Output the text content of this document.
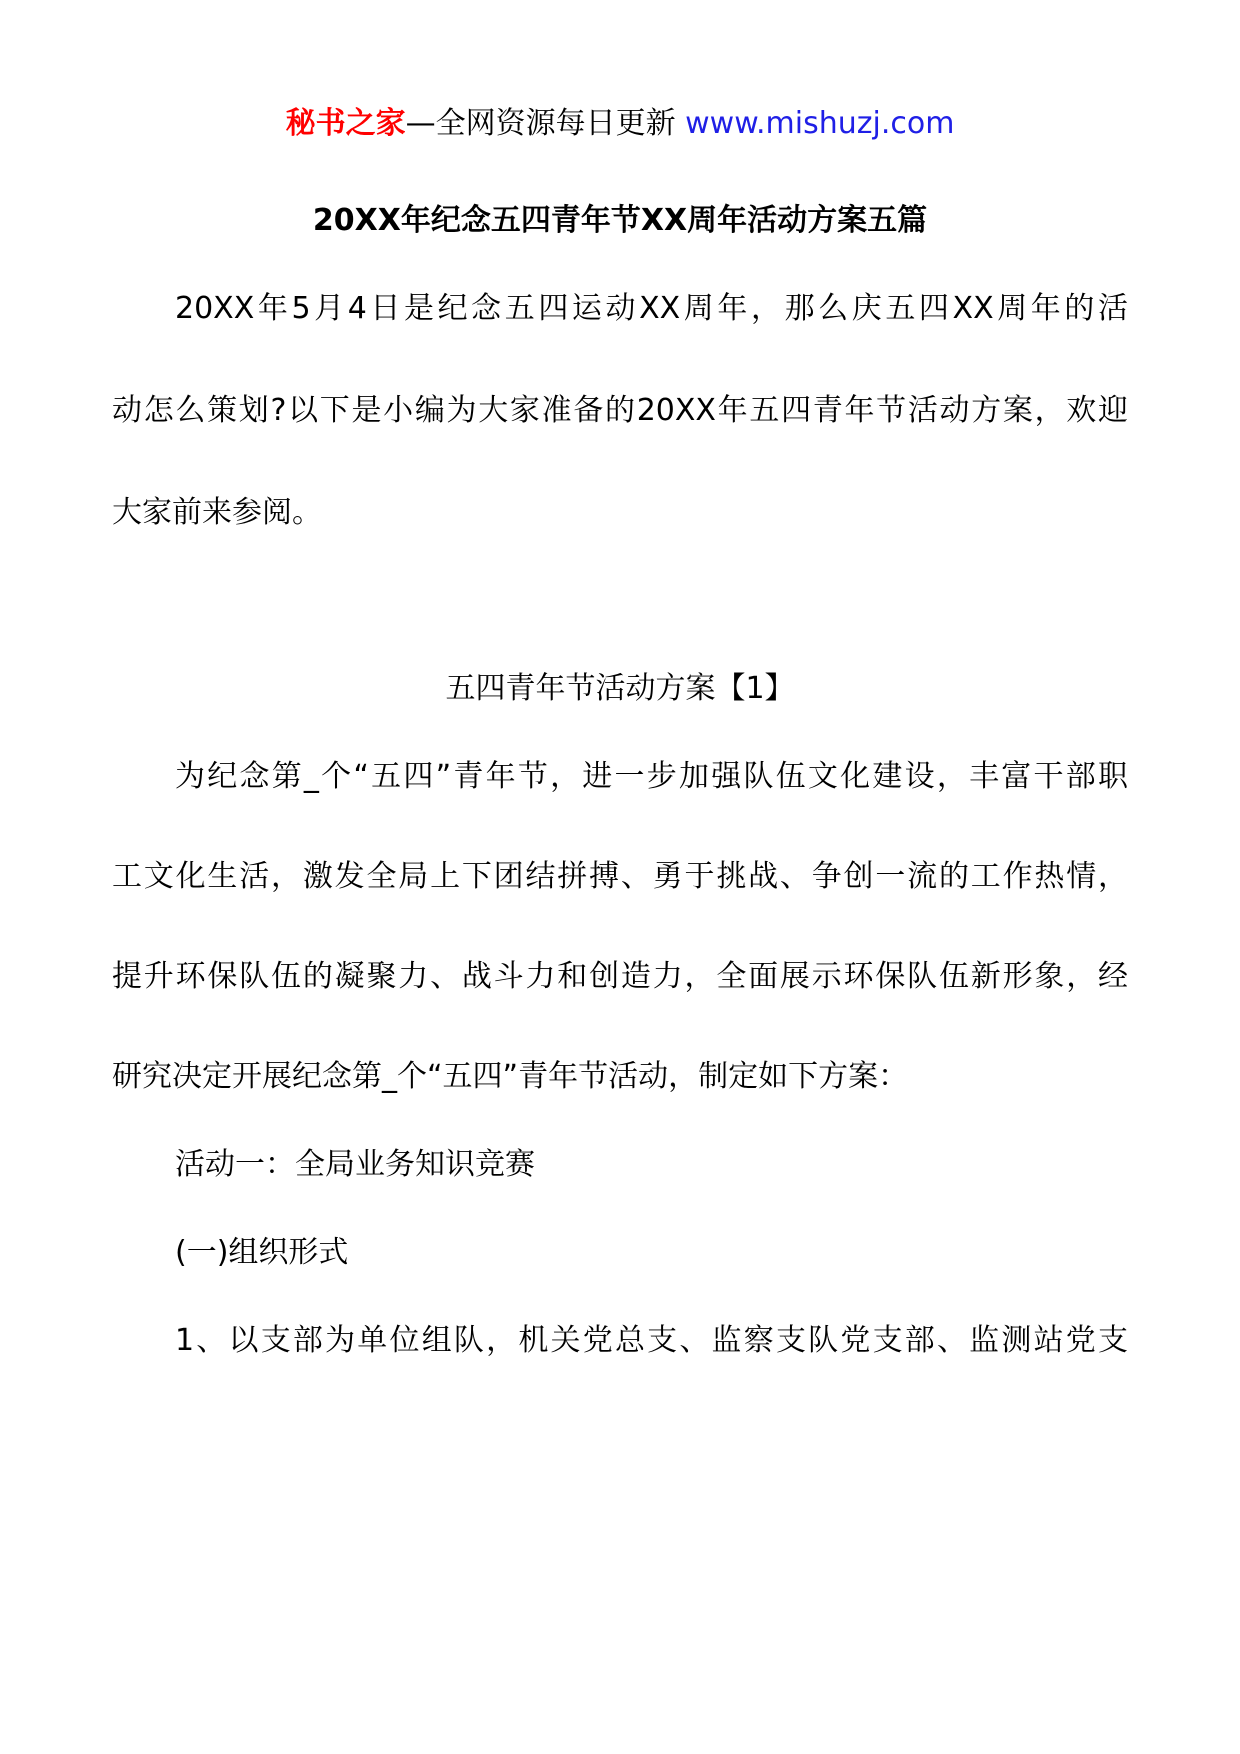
秘书之家—全网资源每日更新 www.mishuzj.com
20XX年纪念五四青年节XX周年活动方案五篇
20XX年5月4日是纪念五四运动XX周年，那么庆五四XX周年的活
动怎么策划?以下是小编为大家准备的20XX年五四青年节活动方案，欢迎
大家前来参阅。
五四青年节活动方案【1】
为纪念第_个“五四”青年节，进一步加强队伍文化建设，丰富干部职
工文化生活，激发全局上下团结拼搏、勇于挑战、争创一流的工作热情，
提升环保队伍的凝聚力、战斗力和创造力，全面展示环保队伍新形象，经
研究决定开展纪念第_个“五四”青年节活动，制定如下方案：
活动一：全局业务知识竞赛
(一)组织形式
1、以支部为单位组队，机关党总支、监察支队党支部、监测站党支
